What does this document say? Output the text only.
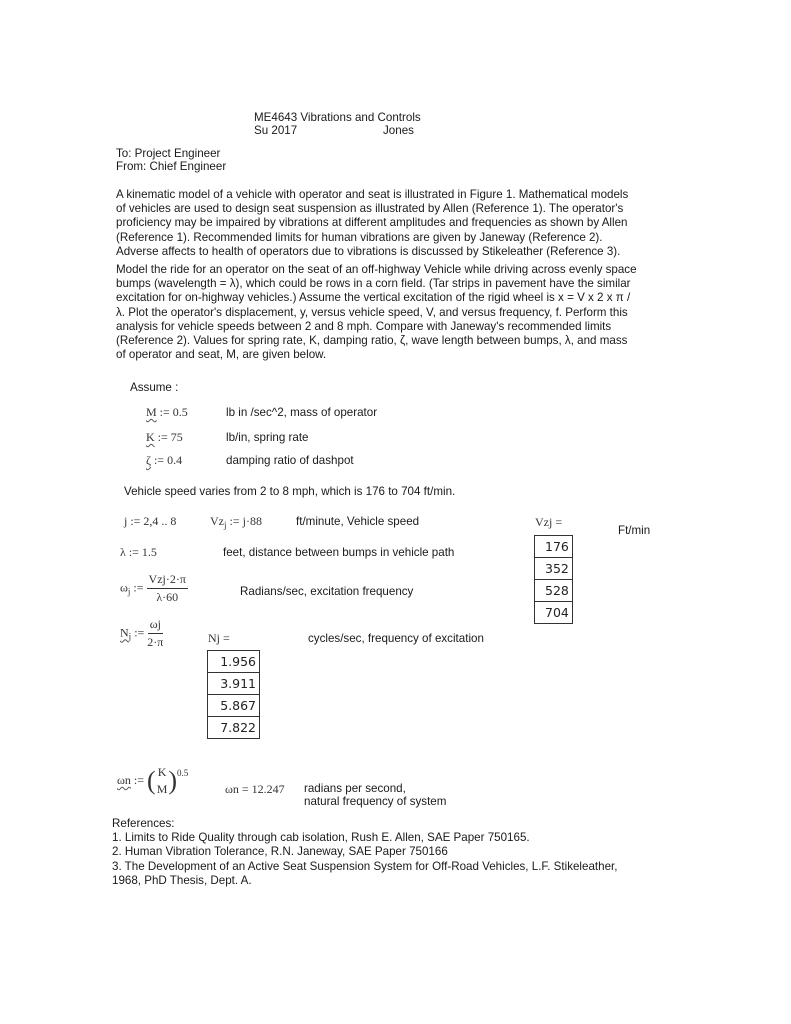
ME4643 Vibrations and Controls
Su 2017	Jones
To: Project Engineer
From: Chief Engineer
A kinematic model of a vehicle with operator and seat is illustrated in Figure 1. Mathematical models
of vehicles are used to design seat suspension as illustrated by Allen (Reference 1). The operator's
proficiency may be impaired by vibrations at different amplitudes and frequencies as shown by Allen
(Reference 1). Recommended limits for human vibrations are given by Janeway (Reference 2).
Adverse affects to health of operators due to vibrations is discussed by Stikeleather (Reference 3).
Model the ride for an operator on the seat of an off-highway Vehicle while driving across evenly space
bumps (wavelength = λ), which could be rows in a corn field. (Tar strips in pavement have the similar
excitation for on-highway vehicles.) Assume the vertical excitation of the rigid wheel is x = V x 2 x π /
λ. Plot the operator's displacement, y, versus vehicle speed, V, and versus frequency, f. Perform this
analysis for vehicle speeds between 2 and 8 mph. Compare with Janeway's recommended limits
(Reference 2). Values for spring rate, K, damping ratio, ζ, wave length between bumps, λ, and mass
of operator and seat, M, are given below.
Assume :
M := 0.5	lb in /sec^2, mass of operator
K := 75	lb/in, spring rate
ζ := 0.4	damping ratio of dashpot
Vehicle speed varies from 2 to 8 mph, which is 176 to 704 ft/min.
j := 2,4 .. 8	$Vz_j$ := j·88	ft/minute, Vehicle speed	Vzj =
Ft/min
176
352
528
704
λ := 1.5	feet, distance between bumps in vehicle path
$\omega_j$ := $\frac{\text{Vzj·2·π}}{\lambda\cdot 60}$	Radians/sec, excitation frequency
$N_j$ := $\frac{\omega j}{2\cdot\pi}$	Nj =	cycles/sec, frequency of excitation
1.956
3.911
5.867
7.822
ωn := ( K
M )$^{0.5}$
ωn = 12.247 radians per second,
natural frequency of system
References:
1. Limits to Ride Quality through cab isolation, Rush E. Allen, SAE Paper 750165.
2. Human Vibration Tolerance, R.N. Janeway, SAE Paper 750166
3. The Development of an Active Seat Suspension System for Off-Road Vehicles, L.F. Stikeleather,
1968, PhD Thesis, Dept. A.
